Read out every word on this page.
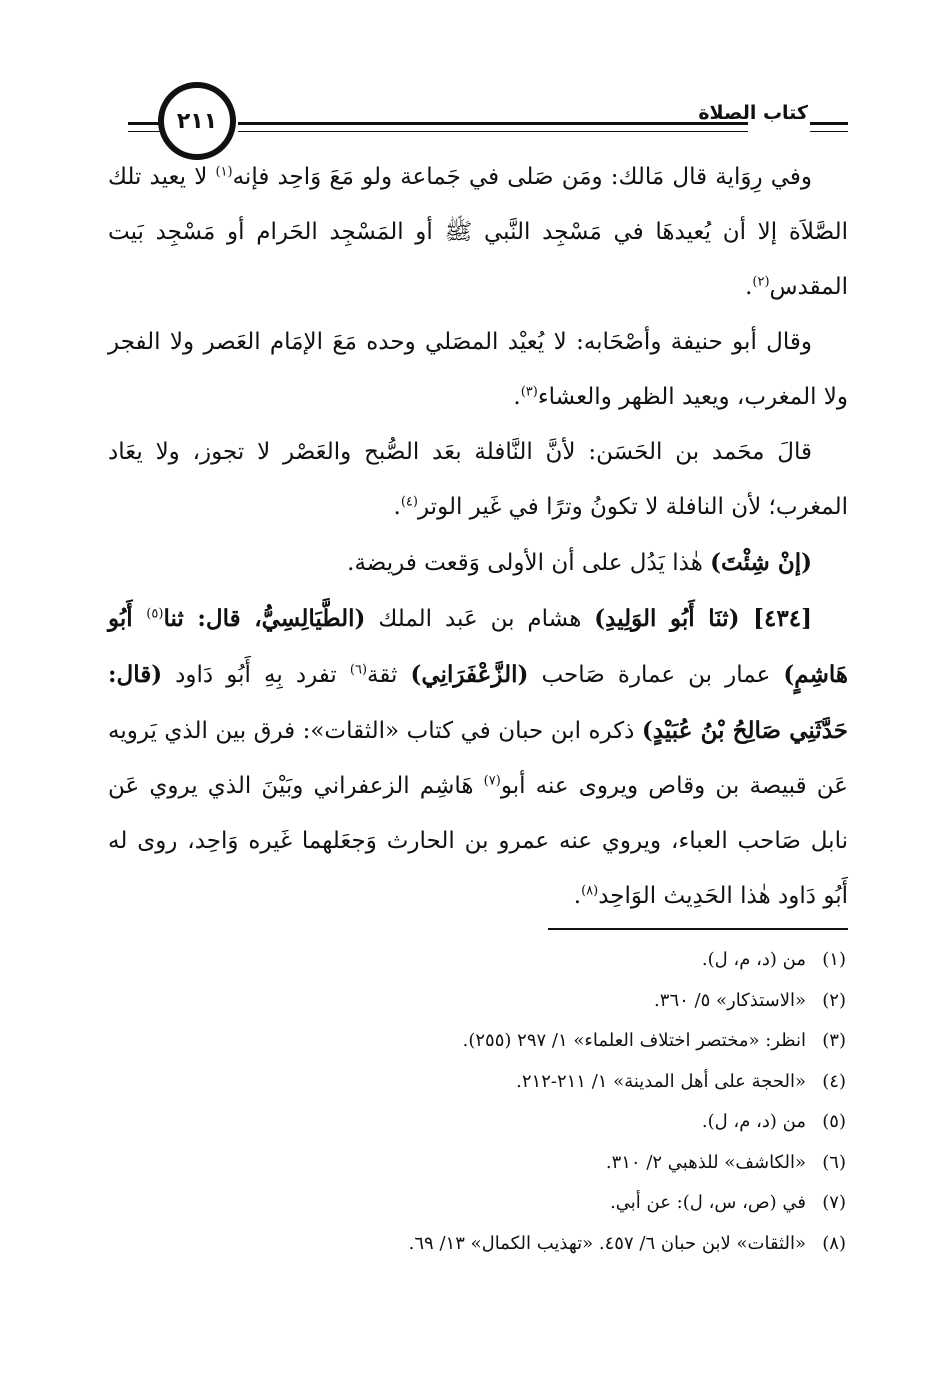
كتاب الصلاة
٢١١

وفي رِوَاية قال مَالك: ومَن صَلى في جَماعة ولو مَعَ وَاحِد فإنه$^{(١)}$ لا يعيد تلك الصَّلاَة إلا أن يُعيدهَا في مَسْجِد النَّبي ﷺ أو المَسْجِد الحَرام أو مَسْجِد بَيت المقدس$^{(٢)}$.

وقال أبو حنيفة وأصْحَابه: لا يُعيْد المصَلي وحده مَعَ الإمَام العَصر ولا الفجر ولا المغرب، ويعيد الظهر والعشاء$^{(٣)}$.

قالَ محَمد بن الحَسَن: لأنَّ النَّافلة بعَد الصُّبح والعَصْر لا تجوز، ولا يعَاد المغرب؛ لأن النافلة لا تكونُ وترًا في غَير الوتر$^{(٤)}$.

(إنْ شِئْتَ) هٰذا يَدُل على أن الأولى وَقعت فريضة.

[٤٣٤] (ثنَا أَبُو الوَلِيدِ) هشام بن عَبد الملك (الطَّيَالِسِيُّ، قال: ثنا$^{(٥)}$ أَبُو هَاشِمٍ) عمار بن عمارة صَاحب (الزَّعْفَرَانِي) ثقة$^{(٦)}$ تفرد بِهِ أَبُو دَاود (قال: حَدَّثَنِي صَالِحُ بْنُ عُبَيْدٍ) ذكره ابن حبان في كتاب «الثقات»: فرق بين الذي يَرويه عَن قبيصة بن وقاص ويروى عنه أبو$^{(٧)}$ هَاشِم الزعفراني وبَيْنَ الذي يروي عَن نابل صَاحب العباء، ويروي عنه عمرو بن الحارث وَجعَلهما غَيره وَاحِد، روى له أَبُو دَاود هٰذا الحَدِيث الوَاحِد$^{(٨)}$.

(١)من (د، م، ل).
(٢)«الاستذكار» ٥/ ٣٦٠.
(٣)انظر: «مختصر اختلاف العلماء» ١/ ٢٩٧ (٢٥٥).
(٤)«الحجة على أهل المدينة» ١/ ٢١١-٢١٢.
(٥)من (د، م، ل).
(٦)«الكاشف» للذهبي ٢/ ٣١٠.
(٧)في (ص، س، ل): عن أبي.
(٨)«الثقات» لابن حبان ٦/ ٤٥٧. «تهذيب الكمال» ١٣/ ٦٩.
